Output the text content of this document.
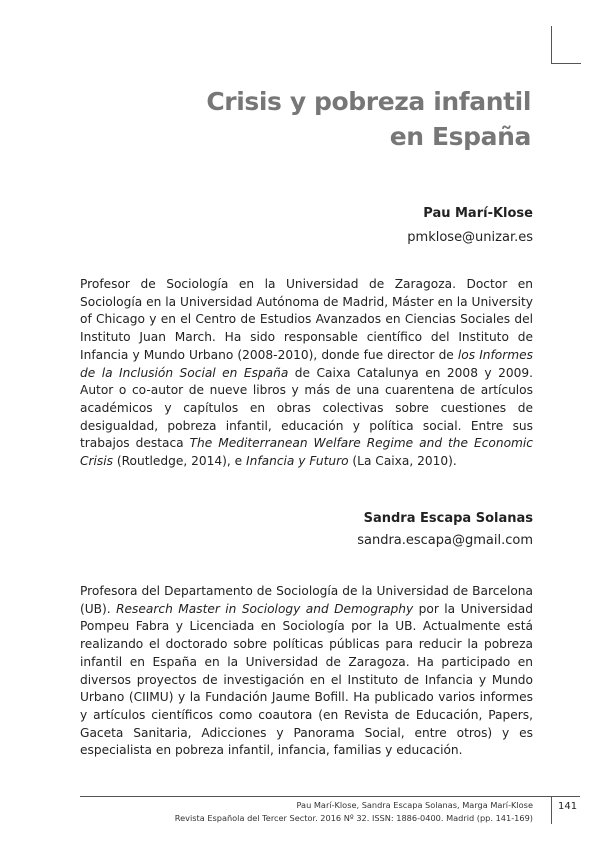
Crisis y pobreza infantil
en España

Pau Marí-Klose

pmklose@unizar.es

Profesor de Sociología en la Universidad de Zaragoza. Doctor en Sociología en la Universidad Autónoma de Madrid, Máster en la University of Chicago y en el Centro de Estudios Avanzados en Ciencias Sociales del Instituto Juan March. Ha sido responsable científico del Instituto de Infancia y Mundo Urbano (2008-2010), donde fue director de los Informes de la Inclusión Social en España de Caixa Catalunya en 2008 y 2009. Autor o co-autor de nueve libros y más de una cuarentena de artículos académicos y capítulos en obras colectivas sobre cuestiones de desigualdad, pobreza infantil, educación y política social. Entre sus trabajos destaca The Mediterranean Welfare Regime and the Economic Crisis (Routledge, 2014), e Infancia y Futuro (La Caixa, 2010).

Sandra Escapa Solanas

sandra.escapa@gmail.com

Profesora del Departamento de Sociología de la Universidad de Barcelona (UB). Research Master in Sociology and Demography por la Universidad Pompeu Fabra y Licenciada en Sociología por la UB. Actualmente está realizando el doctorado sobre políticas públicas para reducir la pobreza infantil en España en la Universidad de Zaragoza. Ha participado en diversos proyectos de investigación en el Instituto de Infancia y Mundo Urbano (CIIMU) y la Fundación Jaume Bofill. Ha publicado varios informes y artículos científicos como coautora (en Revista de Educación, Papers, Gaceta Sanitaria, Adicciones y Panorama Social, entre otros) y es especialista en pobreza infantil, infancia, familias y educación.

Pau Marí-Klose, Sandra Escapa Solanas, Marga Marí-Klose

Revista Española del Tercer Sector. 2016 Nº 32. ISSN: 1886-0400. Madrid (pp. 141-169)

141
